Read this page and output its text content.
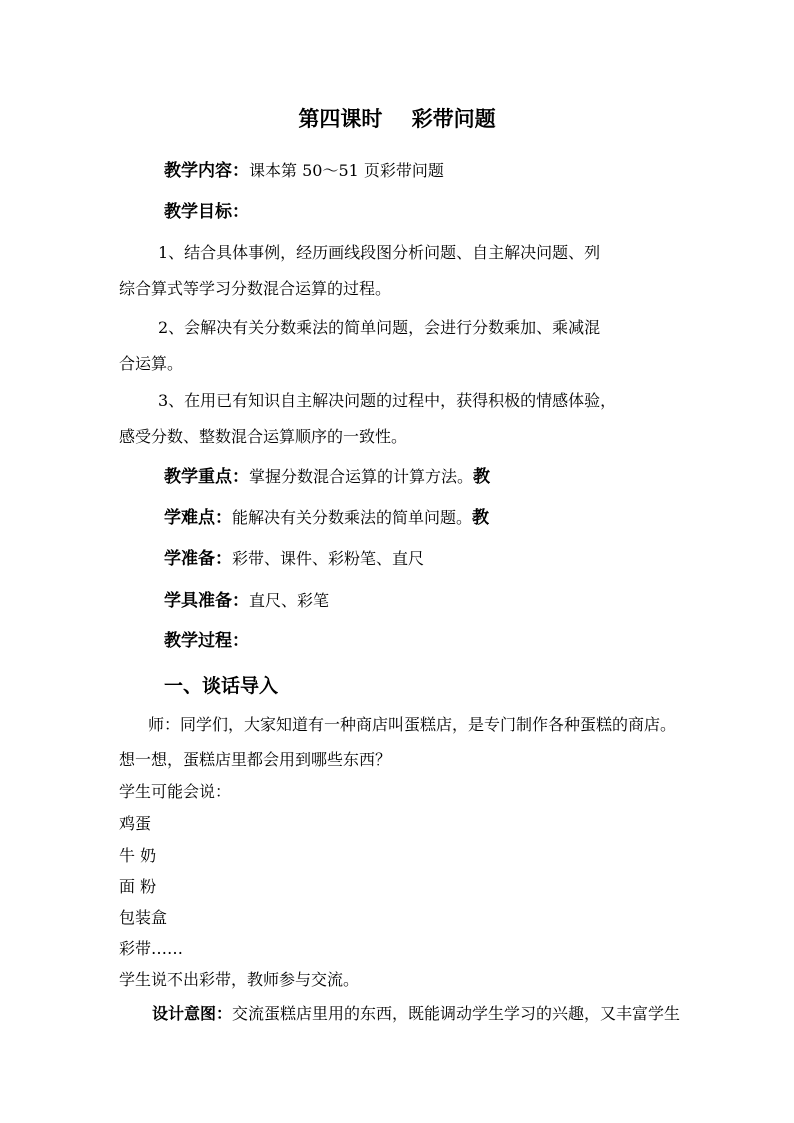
第四课时    彩带问题
教学内容：课本第 50～51 页彩带问题
教学目标：
1、结合具体事例，经历画线段图分析问题、自主解决问题、列
综合算式等学习分数混合运算的过程。
2、会解决有关分数乘法的简单问题，会进行分数乘加、乘减混
合运算。
3、在用已有知识自主解决问题的过程中，获得积极的情感体验，
感受分数、整数混合运算顺序的一致性。
教学重点：掌握分数混合运算的计算方法。教
学难点：能解决有关分数乘法的简单问题。教
学准备：彩带、课件、彩粉笔、直尺
学具准备：直尺、彩笔
教学过程：
一、谈话导入
师：同学们，大家知道有一种商店叫蛋糕店，是专门制作各种蛋糕的商店。
想一想，蛋糕店里都会用到哪些东西？
学生可能会说：
鸡蛋
牛 奶
面 粉
包装盒
彩带……
学生说不出彩带，教师参与交流。
设计意图：交流蛋糕店里用的东西，既能调动学生学习的兴趣，又丰富学生
